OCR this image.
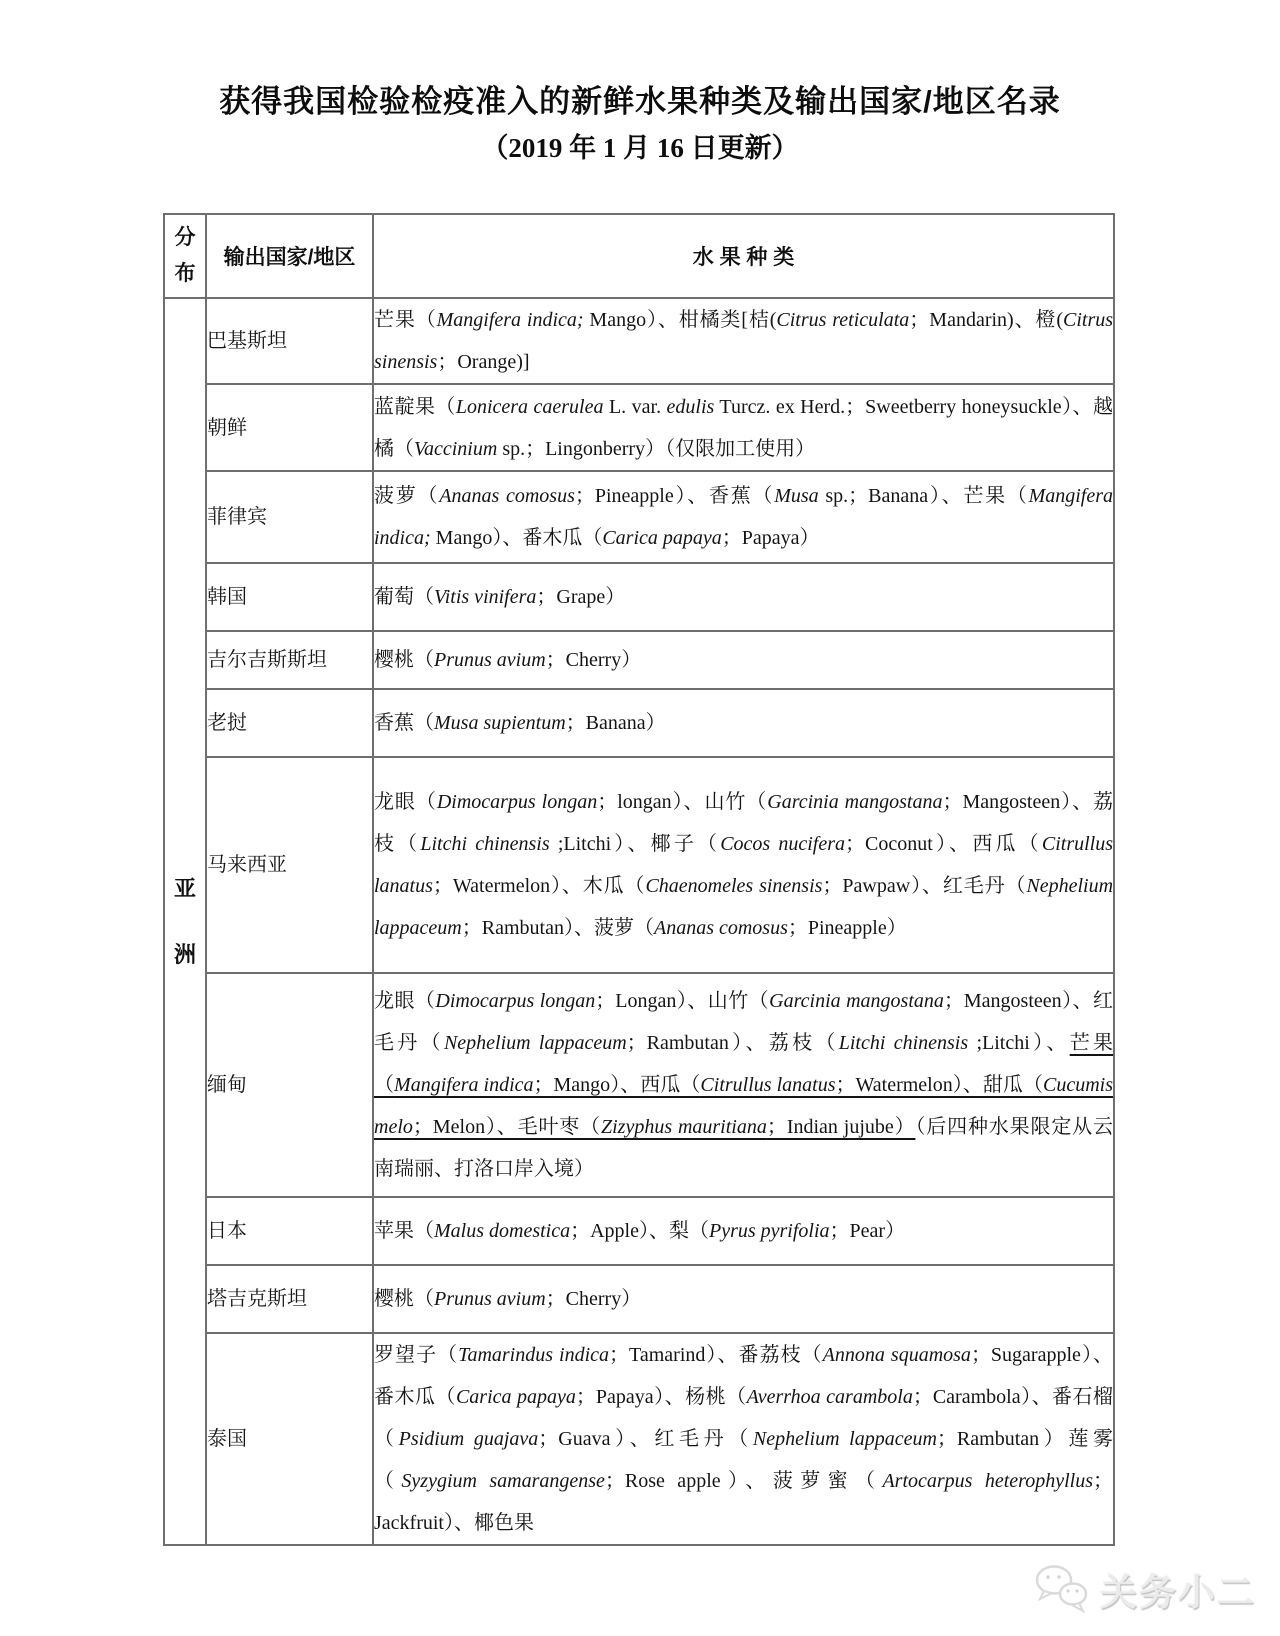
获得我国检验检疫准入的新鲜水果种类及输出国家/地区名录
（2019 年 1 月 16 日更新）
分布	输出国家/地区	水 果 种 类

亚洲	巴基斯坦	芒果（Mangifera indica; Mango）、柑橘类[桔(Citrus reticulata；Mandarin)、橙(Citrus sinensis；Orange)]
	朝鲜	蓝靛果（Lonicera caerulea L. var. edulis Turcz. ex Herd.；Sweetberry honeysuckle）、越橘（Vaccinium sp.；Lingonberry）（仅限加工使用）
	菲律宾	菠萝（Ananas comosus；Pineapple）、香蕉（Musa sp.；Banana）、芒果（Mangifera indica; Mango）、番木瓜（Carica papaya；Papaya）
	韩国	葡萄（Vitis vinifera；Grape）
	吉尔吉斯斯坦	樱桃（Prunus avium；Cherry）
	老挝	香蕉（Musa supientum；Banana）
	马来西亚	龙眼（Dimocarpus longan；longan）、山竹（Garcinia mangostana；Mangosteen）、荔枝（Litchi chinensis ;Litchi）、椰子（Cocos nucifera；Coconut）、西瓜（Citrullus lanatus；Watermelon）、木瓜（Chaenomeles sinensis；Pawpaw）、红毛丹（Nephelium lappaceum；Rambutan）、菠萝（Ananas comosus；Pineapple）
	缅甸	龙眼（Dimocarpus longan；Longan）、山竹（Garcinia mangostana；Mangosteen）、红毛丹（Nephelium lappaceum；Rambutan）、荔枝（Litchi chinensis ;Litchi）、芒果（Mangifera indica；Mango）、西瓜（Citrullus lanatus；Watermelon）、甜瓜（Cucumis melo；Melon）、毛叶枣（Zizyphus mauritiana；Indian jujube）（后四种水果限定从云南瑞丽、打洛口岸入境）
	日本	苹果（Malus domestica；Apple）、梨（Pyrus pyrifolia；Pear）
	塔吉克斯坦	樱桃（Prunus avium；Cherry）
	泰国	罗望子（Tamarindus indica；Tamarind）、番荔枝（Annona squamosa；Sugarapple）、番木瓜（Carica papaya；Papaya）、杨桃（Averrhoa carambola；Carambola）、番石榴（Psidium guajava；Guava）、红毛丹（Nephelium lappaceum；Rambutan）莲雾（Syzygium samarangense；Rose apple）、菠萝蜜（Artocarpus heterophyllus；Jackfruit）、椰色果
关务小二
